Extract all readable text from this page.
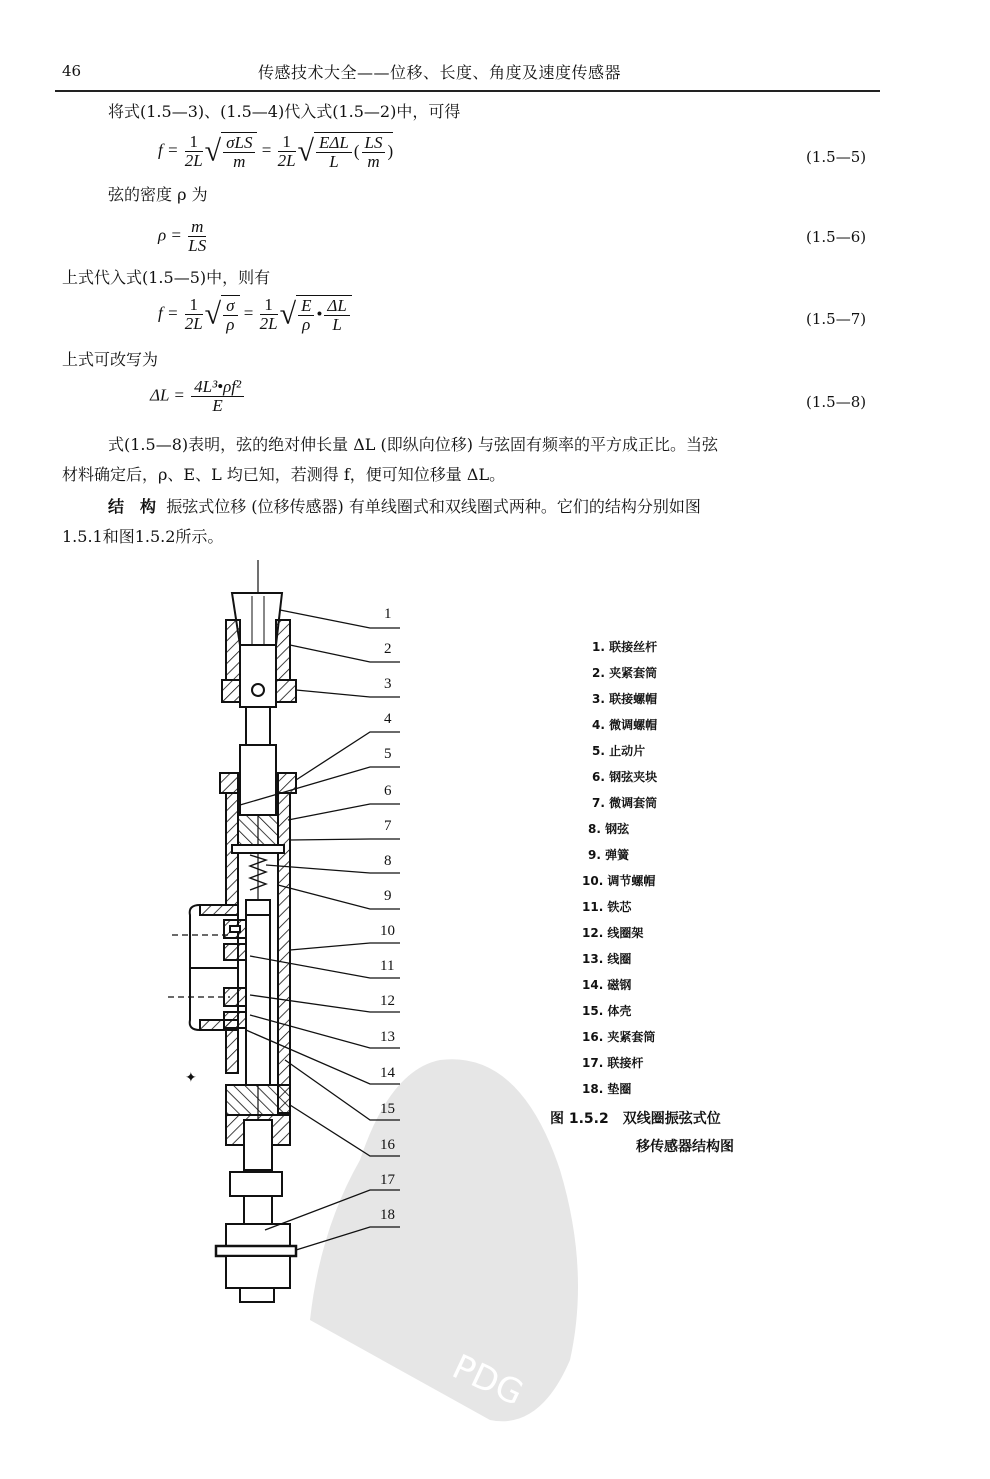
46	传感技术大全——位移、长度、角度及速度传感器
将式(1.5—3)、(1.5—4)代入式(1.5—2)中，可得
$f = \frac{1}{2L}$ √ $\frac{\text{σLS}}{m} = \frac{1}{2L}$ √ $\frac{\text{EΔL}}{L}$ ( $\frac{LS}{m}$ )	(1.5—5)
弦的密度 ρ 为
$\rho = \frac{m}{LS}$	(1.5—6)
上式代入式(1.5—5)中，则有
$f = \frac{1}{2L}$ √ $\frac{\sigma}{\rho} = \frac{1}{2L}$ √ $\frac{E}{\rho}$ • $\frac{\Delta L}{L}$	(1.5—7)
上式可改写为
$\Delta L = \frac{\text{4L³•ρf²}}{E}$	(1.5—8)
式(1.5—8)表明，弦的绝对伸长量 ΔL (即纵向位移) 与弦固有频率的平方成正比。当弦
材料确定后，ρ、E、L 均已知，若测得 f，便可知位移量 ΔL。
结　构 振弦式位移 (位移传感器) 有单线圈式和双线圈式两种。它们的结构分别如图
1.5.1和图1.5.2所示。
PDG
✦
1
2
3
4
5
6
7
8
9
10
11
12
13
14
15
16
17
18
1. 联接丝杆
2. 夹紧套筒
3. 联接螺帽
4. 微调螺帽
5. 止动片
6. 钢弦夹块
7. 微调套筒
8. 钢弦
9. 弹簧
10. 调节螺帽
11. 铁芯
12. 线圈架
13. 线圈
14. 磁钢
15. 体壳
16. 夹紧套筒
17. 联接杆
18. 垫圈
图 1.5.2　双线圈振弦式位
移传感器结构图
